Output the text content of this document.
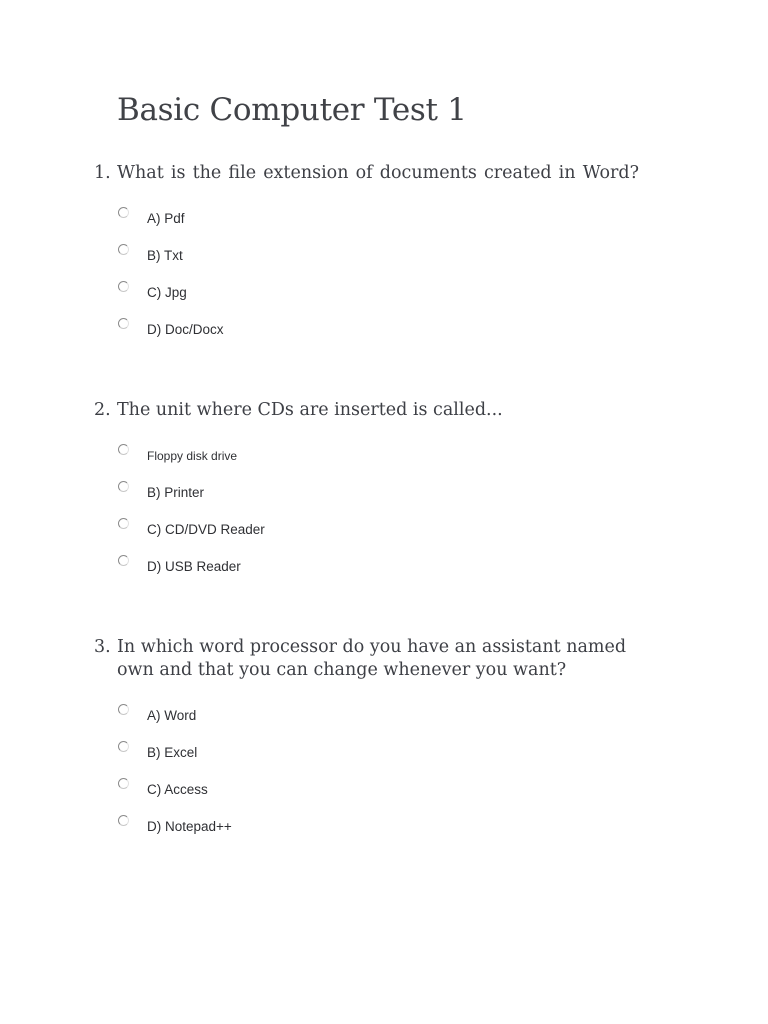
Basic Computer Test 1
1. What is the file extension of documents created in Word?
A) Pdf
B) Txt
C) Jpg
D) Doc/Docx
2. The unit where CDs are inserted is called...
Floppy disk drive
B) Printer
C) CD/DVD Reader
D) USB Reader
3. In which word processor do you have an assistant named own and that you can change whenever you want?
A) Word
B) Excel
C) Access
D) Notepad++
